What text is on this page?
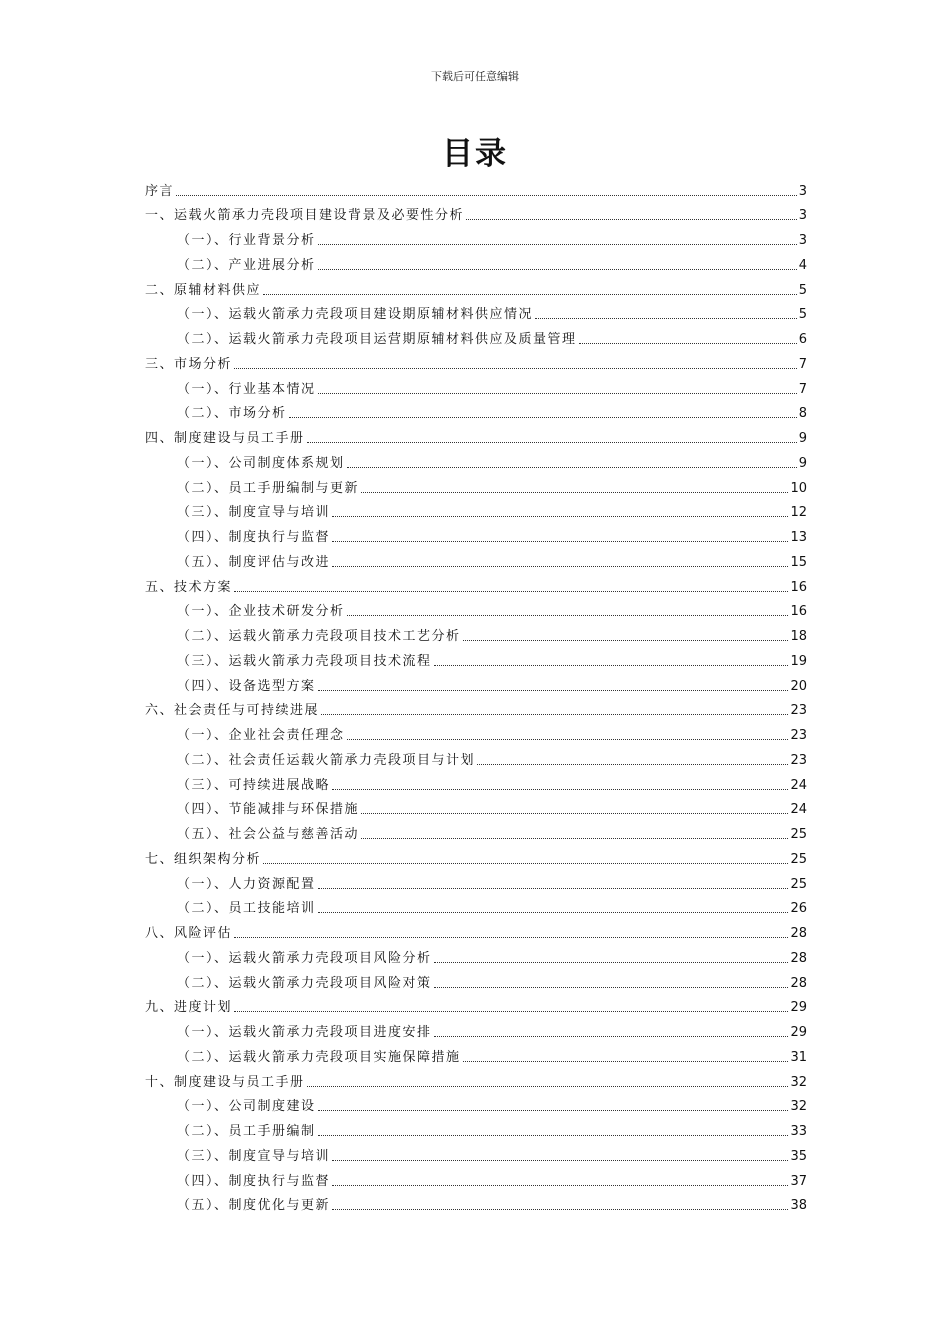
下载后可任意编辑
目录
序言	3
一、运载火箭承力壳段项目建设背景及必要性分析	3
（一）、行业背景分析	3
（二）、产业进展分析	4
二、原辅材料供应	5
（一）、运载火箭承力壳段项目建设期原辅材料供应情况	5
（二）、运载火箭承力壳段项目运营期原辅材料供应及质量管理	6
三、市场分析	7
（一）、行业基本情况	7
（二）、市场分析	8
四、制度建设与员工手册	9
（一）、公司制度体系规划	9
（二）、员工手册编制与更新	10
（三）、制度宣导与培训	12
（四）、制度执行与监督	13
（五）、制度评估与改进	15
五、技术方案	16
（一）、企业技术研发分析	16
（二）、运载火箭承力壳段项目技术工艺分析	18
（三）、运载火箭承力壳段项目技术流程	19
（四）、设备选型方案	20
六、社会责任与可持续进展	23
（一）、企业社会责任理念	23
（二）、社会责任运载火箭承力壳段项目与计划	23
（三）、可持续进展战略	24
（四）、节能减排与环保措施	24
（五）、社会公益与慈善活动	25
七、组织架构分析	25
（一）、人力资源配置	25
（二）、员工技能培训	26
八、风险评估	28
（一）、运载火箭承力壳段项目风险分析	28
（二）、运载火箭承力壳段项目风险对策	28
九、进度计划	29
（一）、运载火箭承力壳段项目进度安排	29
（二）、运载火箭承力壳段项目实施保障措施	31
十、制度建设与员工手册	32
（一）、公司制度建设	32
（二）、员工手册编制	33
（三）、制度宣导与培训	35
（四）、制度执行与监督	37
（五）、制度优化与更新	38
